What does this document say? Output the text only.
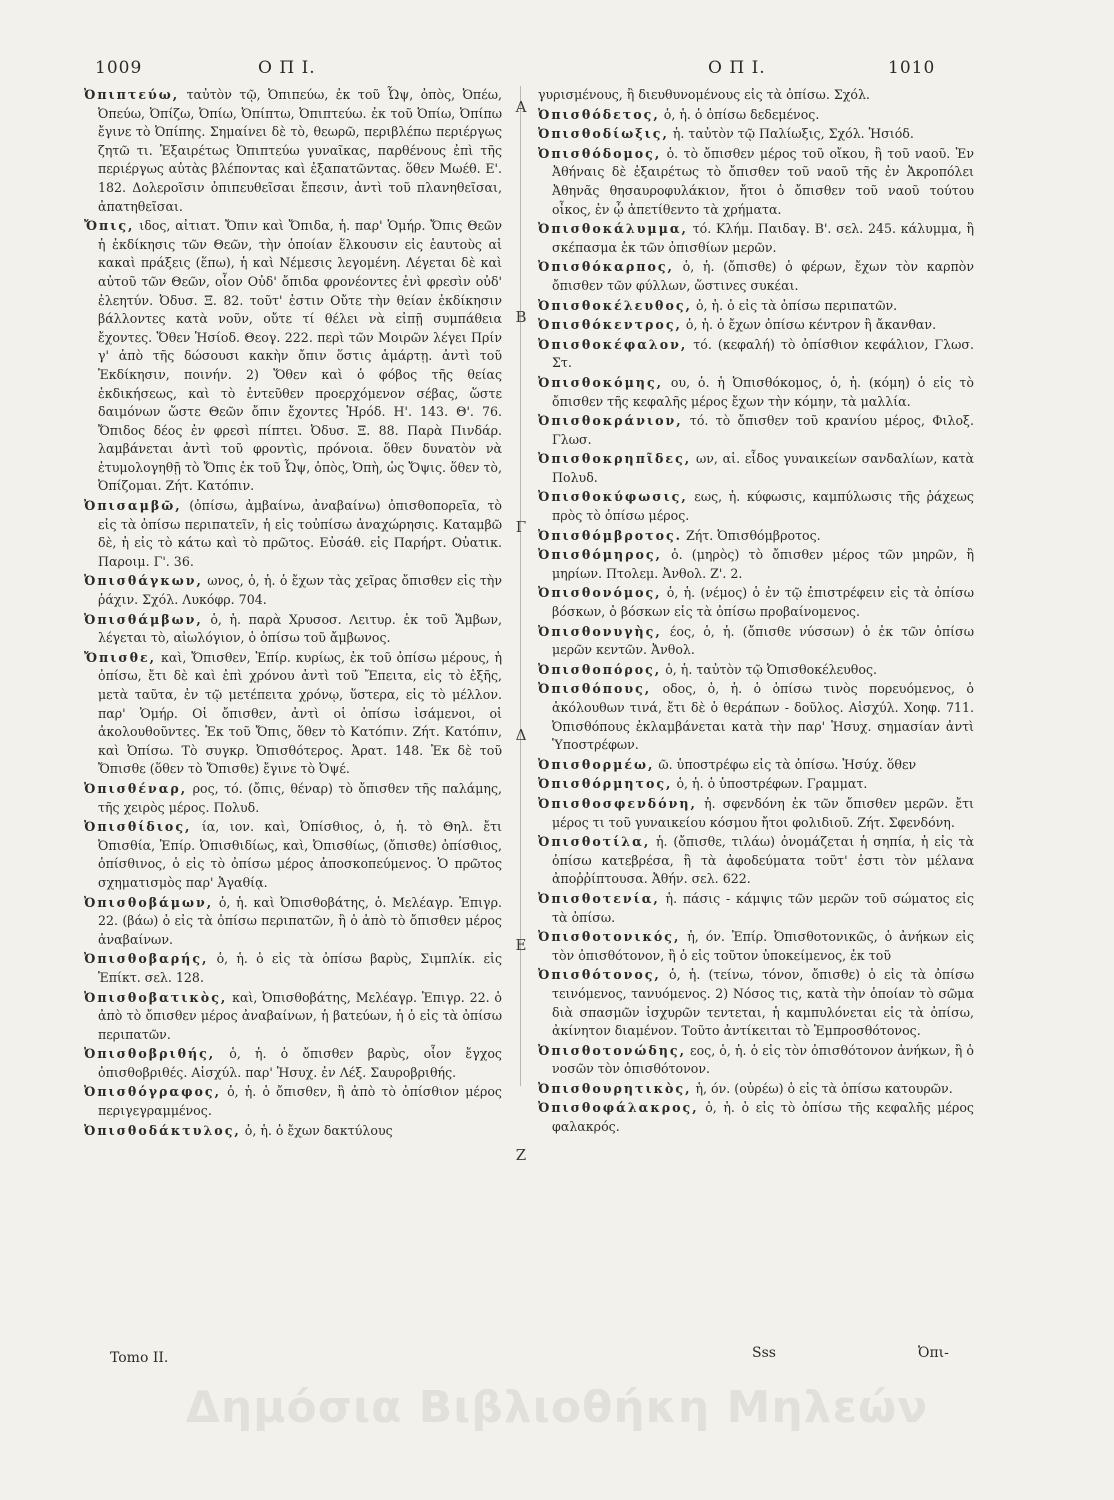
1009	Ο Π Ι.	Ο Π Ι.	1010

Ὀπιπτεύω, ταὐτὸν τῷ, Ὀπιπεύω, ἐκ τοῦ Ὦψ, ὀπὸς, Ὀπέω, Ὀπεύω, Ὀπίζω, Ὀπίω, Ὀπίπτω, Ὀπιπτεύω. ἐκ τοῦ Ὀπίω, Ὀπίπω ἔγινε τὸ Ὀπίπης. Σημαίνει δὲ τὸ, θεωρῶ, περιβλέπω περιέργως ζητῶ τι. Ἐξαιρέτως Ὀπιπτεύω γυναῖκας, παρθένους ἐπὶ τῆς περιέργως αὐτὰς βλέποντας καὶ ἐξαπατῶντας. ὅθεν Μωέθ. Ε'. 182. Δολεροῖσιν ὀπιπευθεῖσαι ἔπεσιν, ἀντὶ τοῦ πλανηθεῖσαι, ἀπατηθεῖσαι.

Ὄπις, ιδος, αἰτιατ. Ὄπιν καὶ Ὄπιδα, ἡ. παρ' Ὁμήρ. Ὄπις Θεῶν ἡ ἐκδίκησις τῶν Θεῶν, τὴν ὁποίαν ἕλκουσιν εἰς ἑαυτοὺς αἱ κακαὶ πράξεις (ἕπω), ἡ καὶ Νέμεσις λεγομένη. Λέγεται δὲ καὶ αὐτοῦ τῶν Θεῶν, οἷον Οὐδ' ὄπιδα φρονέοντες ἐνὶ φρεσὶν οὐδ' ἐλεητύν. Ὀδυσ. Ξ. 82. τοῦτ' ἐστιν Οὔτε τὴν θείαν ἐκδίκησιν βάλλοντες κατὰ νοῦν, οὔτε τί θέλει νὰ εἰπῇ συμπάθεια ἔχοντες. Ὅθεν Ἡσίοδ. Θεογ. 222. περὶ τῶν Μοιρῶν λέγει Πρίν γ' ἀπὸ τῆς δώσουσι κακὴν ὄπιν ὅστις ἁμάρτῃ. ἀντὶ τοῦ Ἐκδίκησιν, ποινήν. 2) Ὅθεν καὶ ὁ φόβος τῆς θείας ἐκδικήσεως, καὶ τὸ ἐντεῦθεν προερχόμενον σέβας, ὥστε δαιμόνων ὥστε Θεῶν ὄπιν ἔχοντες Ἡρόδ. Η'. 143. Θ'. 76. Ὄπιδος δέος ἐν φρεσὶ πίπτει. Ὀδυσ. Ξ. 88. Παρὰ Πινδάρ. λαμβάνεται ἀντὶ τοῦ φροντὶς, πρόνοια. ὅθεν δυνατὸν νὰ ἐτυμολογηθῇ τὸ Ὄπις ἐκ τοῦ Ὦψ, ὀπὸς, Ὀπὴ, ὡς Ὄψις. ὅθεν τὸ, Ὀπίζομαι. Ζήτ. Κατόπιν.

Ὀπισαμβῶ, (ὀπίσω, ἀμβαίνω, ἀναβαίνω) ὀπισθοπορεῖα, τὸ εἰς τὰ ὀπίσω περιπατεῖν, ἡ εἰς τοὐπίσω ἀναχώρησις. Καταμβῶ δὲ, ἡ εἰς τὸ κάτω καὶ τὸ πρῶτος. Εὐσάθ. εἰς Παρήρτ. Οὐατικ. Παροιμ. Γ'. 36.

Ὀπισθάγκων, ωνος, ὁ, ἡ. ὁ ἔχων τὰς χεῖρας ὄπισθεν εἰς τὴν ῥάχιν. Σχόλ. Λυκόφρ. 704.

Ὀπισθάμβων, ὁ, ἡ. παρὰ Χρυσοσ. Λειτυρ. ἐκ τοῦ Ἄμβων, λέγεται τὸ, αἰωλόγιον, ὁ ὀπίσω τοῦ ἄμβωνος.

Ὄπισθε, καὶ, Ὄπισθεν, Ἐπίρ. κυρίως, ἐκ τοῦ ὀπίσω μέρους, ἡ ὀπίσω, ἔτι δὲ καὶ ἐπὶ χρόνου ἀντὶ τοῦ Ἔπειτα, εἰς τὸ ἑξῆς, μετὰ ταῦτα, ἐν τῷ μετέπειτα χρόνῳ, ὕστερα, εἰς τὸ μέλλον. παρ' Ὁμήρ. Οἱ ὄπισθεν, ἀντὶ οἱ ὀπίσω ἰσάμενοι, οἱ ἀκολουθοῦντες. Ἐκ τοῦ Ὄπις, ὅθεν τὸ Κατόπιν. Ζήτ. Κατόπιν, καὶ Ὀπίσω. Τὸ συγκρ. Ὀπισθότερος. Ἀρατ. 148. Ἐκ δὲ τοῦ Ὄπισθε (ὅθεν τὸ Ὄπισθε) ἔγινε τὸ Ὀψέ.

Ὀπισθέναρ, ρος, τό. (ὄπις, θέναρ) τὸ ὄπισθεν τῆς παλάμης, τῆς χειρὸς μέρος. Πολυδ.

Ὀπισθίδιος, ία, ιον. καὶ, Ὀπίσθιος, ὁ, ἡ. τὸ Θηλ. ἔτι Ὀπισθία, Ἐπίρ. Ὀπισθιδίως, καὶ, Ὀπισθίως, (ὄπισθε) ὀπίσθιος, ὀπίσθινος, ὁ εἰς τὸ ὀπίσω μέρος ἀποσκοπεύμενος. Ὁ πρῶτος σχηματισμὸς παρ' Ἀγαθίᾳ.

Ὀπισθοβάμων, ὁ, ἡ. καὶ Ὀπισθοβάτης, ὁ. Μελέαγρ. Ἐπιγρ. 22. (βάω) ὁ εἰς τὰ ὀπίσω περιπατῶν, ἢ ὁ ἀπὸ τὸ ὄπισθεν μέρος ἀναβαίνων.

Ὀπισθοβαρής, ὁ, ἡ. ὁ εἰς τὰ ὀπίσω βαρὺς, Σιμπλίκ. εἰς Ἐπίκτ. σελ. 128.

Ὀπισθοβατικὸς, καὶ, Ὀπισθοβάτης, Μελέαγρ. Ἐπιγρ. 22. ὁ ἀπὸ τὸ ὄπισθεν μέρος ἀναβαίνων, ἡ βατεύων, ἡ ὁ εἰς τὰ ὀπίσω περιπατῶν.

Ὀπισθοβριθής, ὁ, ἡ. ὁ ὄπισθεν βαρὺς, οἷον ἔγχος ὀπισθοβριθές. Αἰσχύλ. παρ' Ἡσυχ. ἐν Λέξ. Σαυροβριθής.

Ὀπισθόγραφος, ὁ, ἡ. ὁ ὄπισθεν, ἢ ἀπὸ τὸ ὀπίσθιον μέρος περιγεγραμμένος.

Ὀπισθοδάκτυλος, ὁ, ἡ. ὁ ἔχων δακτύλους

γυρισμένους, ἢ διευθυνομένους εἰς τὰ ὀπίσω. Σχόλ.

Ὀπισθόδετος, ὁ, ἡ. ὁ ὀπίσω δεδεμένος.

Ὀπισθοδίωξις, ἡ. ταὐτὸν τῷ Παλίωξις, Σχόλ. Ἡσιόδ.

Ὀπισθόδομος, ὁ. τὸ ὄπισθεν μέρος τοῦ οἴκου, ἢ τοῦ ναοῦ. Ἐν Ἀθήναις δὲ ἐξαιρέτως τὸ ὄπισθεν τοῦ ναοῦ τῆς ἐν Ἀκροπόλει Ἀθηνᾶς θησαυροφυλάκιον, ἤτοι ὁ ὄπισθεν τοῦ ναοῦ τούτου οἶκος, ἐν ᾧ ἀπετίθεντο τὰ χρήματα.

Ὀπισθοκάλυμμα, τό. Κλήμ. Παιδαγ. Β'. σελ. 245. κάλυμμα, ἢ σκέπασμα ἐκ τῶν ὀπισθίων μερῶν.

Ὀπισθόκαρπος, ὁ, ἡ. (ὄπισθε) ὁ φέρων, ἔχων τὸν καρπὸν ὄπισθεν τῶν φύλλων, ὥστινες συκέαι.

Ὀπισθοκέλευθος, ὁ, ἡ. ὁ εἰς τὰ ὀπίσω περιπατῶν.

Ὀπισθόκεντρος, ὁ, ἡ. ὁ ἔχων ὀπίσω κέντρον ἢ ἄκανθαν.

Ὀπισθοκέφαλον, τό. (κεφαλή) τὸ ὀπίσθιον κεφάλιον, Γλωσ. Στ.

Ὀπισθοκόμης, ου, ὁ. ἡ Ὀπισθόκομος, ὁ, ἡ. (κόμη) ὁ εἰς τὸ ὄπισθεν τῆς κεφαλῆς μέρος ἔχων τὴν κόμην, τὰ μαλλία.

Ὀπισθοκράνιον, τό. τὸ ὄπισθεν τοῦ κρανίου μέρος, Φιλοξ. Γλωσ.

Ὀπισθοκρηπῖδες, ων, αἱ. εἶδος γυναικείων σανδαλίων, κατὰ Πολυδ.

Ὀπισθοκύφωσις, εως, ἡ. κύφωσις, καμπύλωσις τῆς ῥάχεως πρὸς τὸ ὀπίσω μέρος.

Ὀπισθόμβροτος. Ζήτ. Ὀπισθόμβροτος.

Ὀπισθόμηρος, ὁ. (μηρὸς) τὸ ὄπισθεν μέρος τῶν μηρῶν, ἢ μηρίων. Πτολεμ. Ἀνθολ. Ζ'. 2.

Ὀπισθονόμος, ὁ, ἡ. (νέμος) ὁ ἐν τῷ ἐπιστρέφειν εἰς τὰ ὀπίσω βόσκων, ὁ βόσκων εἰς τὰ ὀπίσω προβαίνομενος.

Ὀπισθονυγὴς, έος, ὁ, ἡ. (ὄπισθε νύσσων) ὁ ἐκ τῶν ὀπίσω μερῶν κεντῶν. Ἀνθολ.

Ὀπισθοπόρος, ὁ, ἡ. ταὐτὸν τῷ Ὀπισθοκέλευθος.

Ὀπισθόπους, οδος, ὁ, ἡ. ὁ ὀπίσω τινὸς πορευόμενος, ὁ ἀκόλουθων τινά, ἔτι δὲ ὁ θεράπων - δοῦλος. Αἰσχύλ. Χοηφ. 711. Ὀπισθόπους ἐκλαμβάνεται κατὰ τὴν παρ' Ἡσυχ. σημασίαν ἀντὶ Ὑποστρέφων.

Ὀπισθορμέω, ῶ. ὑποστρέφω εἰς τὰ ὀπίσω. Ἡσύχ. ὅθεν

Ὀπισθόρμητος, ὁ, ἡ. ὁ ὑποστρέφων. Γραμματ.

Ὀπισθοσφενδόνη, ἡ. σφενδόνη ἐκ τῶν ὄπισθεν μερῶν. ἔτι μέρος τι τοῦ γυναικείου κόσμου ἤτοι φολιδιοῦ. Ζήτ. Σφενδόνη.

Ὀπισθοτίλα, ἡ. (ὄπισθε, τιλάω) ὀνομάζεται ἡ σηπία, ἡ εἰς τὰ ὀπίσω κατεβρέσα, ἢ τὰ ἀφοδεύματα τοῦτ' ἐστι τὸν μέλανα ἀποῤῥίπτουσα. Ἀθήν. σελ. 622.

Ὀπισθοτενία, ἡ. πάσις - κάμψις τῶν μερῶν τοῦ σώματος εἰς τὰ ὀπίσω.

Ὀπισθοτονικός, ἡ, όν. Ἐπίρ. Ὀπισθοτονικῶς, ὁ ἀνήκων εἰς τὸν ὀπισθότονον, ἢ ὁ εἰς τοῦτον ὑποκείμενος, ἐκ τοῦ

Ὀπισθότονος, ὁ, ἡ. (τείνω, τόνον, ὄπισθε) ὁ εἰς τὰ ὀπίσω τεινόμενος, τανυόμενος. 2) Νόσος τις, κατὰ τὴν ὁποίαν τὸ σῶμα διὰ σπασμῶν ἰσχυρῶν τεντεται, ἡ καμπυλόνεται εἰς τὰ ὀπίσω, ἀκίνητον διαμένον. Τοῦτο ἀντίκειται τὸ Ἐμπροσθότονος.

Ὀπισθοτονώδης, εος, ὁ, ἡ. ὁ εἰς τὸν ὀπισθότονον ἀνήκων, ἢ ὁ νοσῶν τὸν ὀπισθότονον.

Ὀπισθουρητικὸς, ἡ, όν. (οὐρέω) ὁ εἰς τὰ ὀπίσω κατουρῶν.

Ὀπισθοφάλακρος, ὁ, ἡ. ὁ εἰς τὸ ὀπίσω τῆς κεφαλῆς μέρος φαλακρός.

Α
Β
Γ
Δ
Ε
Ζ
Tomo II.	Sss	Ὀπι-
Δημόσια Βιβλιοθήκη Μηλεών
